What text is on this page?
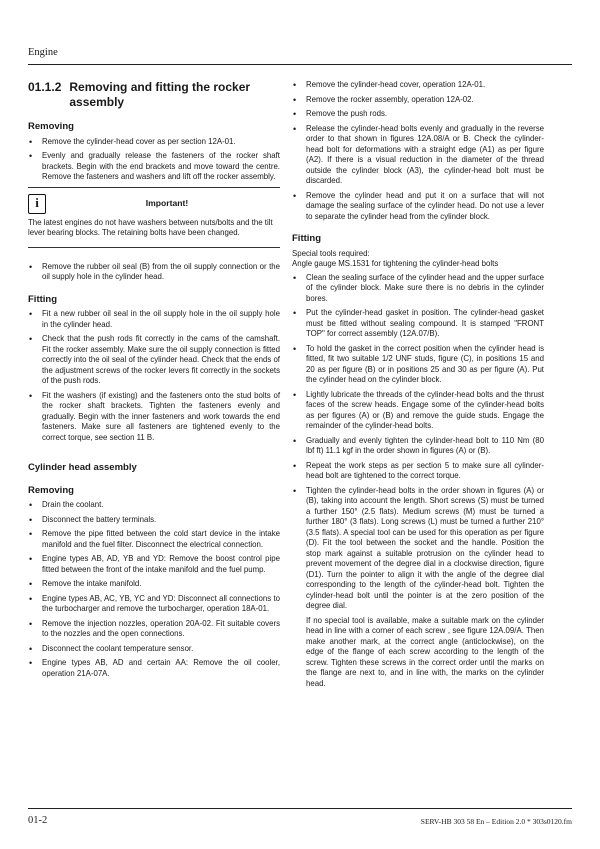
Engine
01.1.2 Removing and fitting the rocker assembly
Removing
• Remove the cylinder-head cover as per section 12A-01.
• Evenly and gradually release the fasteners of the rocker shaft brackets. Begin with the end brackets and move toward the centre. Remove the fasteners and washers and lift off the rocker assembly.
i	Important!
The latest engines do not have washers between nuts/bolts and the tilt lever bearing blocks. The retaining bolts have been changed.
• Remove the rubber oil seal (B) from the oil supply connection or the oil supply hole in the cylinder head.
Fitting
• Fit a new rubber oil seal in the oil supply hole in the oil supply hole in the cylinder head.
• Check that the push rods fit correctly in the cams of the camshaft. Fit the rocker assembly. Make sure the oil supply connection is fitted correctly into the oil seal of the cylinder head. Check that the ends of the adjustment screws of the rocker levers fit correctly in the sockets of the push rods.
• Fit the washers (if existing) and the fasteners onto the stud bolts of the rocker shaft brackets. Tighten the fasteners evenly and gradually. Begin with the inner fasteners and work towards the end fasteners. Make sure all fasteners are tightened evenly to the correct torque, see section 11 B.
Cylinder head assembly
Removing
• Drain the coolant.
• Disconnect the battery terminals.
• Remove the pipe fitted between the cold start device in the intake manifold and the fuel filter. Disconnect the electrical connection.
• Engine types AB, AD, YB and YD: Remove the boost control pipe fitted between the front of the intake manifold and the fuel pump.
• Remove the intake manifold.
• Engine types AB, AC, YB, YC and YD: Disconnect all connections to the turbocharger and remove the turbocharger, operation 18A-01.
• Remove the injection nozzles, operation 20A-02. Fit suitable covers to the nozzles and the open connections.
• Disconnect the coolant temperature sensor.
• Engine types AB, AD and certain AA: Remove the oil cooler, operation 21A-07A.
• Remove the cylinder-head cover, operation 12A-01.
• Remove the rocker assembly, operation 12A-02.
• Remove the push rods.
• Release the cylinder-head bolts evenly and gradually in the reverse order to that shown in figures 12A.08/A or B. Check the cylinder-head bolt for deformations with a straight edge (A1) as per figure (A2). If there is a visual reduction in the diameter of the thread outside the cylinder block (A3), the cylinder-head bolt must be discarded.
• Remove the cylinder head and put it on a surface that will not damage the sealing surface of the cylinder head. Do not use a lever to separate the cylinder head from the cylinder block.
Fitting

Special tools required:

Angle gauge MS.1531 for tightening the cylinder-head bolts

• Clean the sealing surface of the cylinder head and the upper surface of the cylinder block. Make sure there is no debris in the cylinder bores.
• Put the cylinder-head gasket in position. The cylinder-head gasket must be fitted without sealing compound. It is stamped "FRONT TOP" for correct assembly (12A.07/B).
• To hold the gasket in the correct position when the cylinder head is fitted, fit two suitable 1/2 UNF studs, figure (C), in positions 15 and 20 as per figure (B) or in positions 25 and 30 as per figure (A). Put the cylinder head on the cylinder block.
• Lightly lubricate the threads of the cylinder-head bolts and the thrust faces of the screw heads. Engage some of the cylinder-head bolts as per figures (A) or (B) and remove the guide studs. Engage the remainder of the cylinder-head bolts.
• Gradually and evenly tighten the cylinder-head bolt to 110 Nm (80 lbf ft) 11.1 kgf in the order shown in figures (A) or (B).
• Repeat the work steps as per section 5 to make sure all cylinder-head bolt are tightened to the correct torque.
• Tighten the cylinder-head bolts in the order shown in figures (A) or (B), taking into account the length. Short screws (S) must be turned a further 150° (2.5 flats). Medium screws (M) must be turned a further 180° (3 flats). Long screws (L) must be turned a further 210° (3.5 flats). A special tool can be used for this operation as per figure (D). Fit the tool between the socket and the handle. Position the stop mark against a suitable protrusion on the cylinder head to prevent movement of the degree dial in a clockwise direction, figure (D1). Turn the pointer to align it with the angle of the degree dial corresponding to the length of the cylinder-head bolt. Tighten the cylinder-head bolt until the pointer is at the zero position of the degree dial.

If no special tool is available, make a suitable mark on the cylinder head in line with a corner of each screw , see figure 12A.09/A. Then make another mark, at the correct angle (anticlockwise), on the edge of the flange of each screw according to the length of the screw. Tighten these screws in the correct order until the marks on the flange are next to, and in line with, the marks on the cylinder head.

01-2	SERV-HB 303 58 En – Edition 2.0 * 303s0120.fm
